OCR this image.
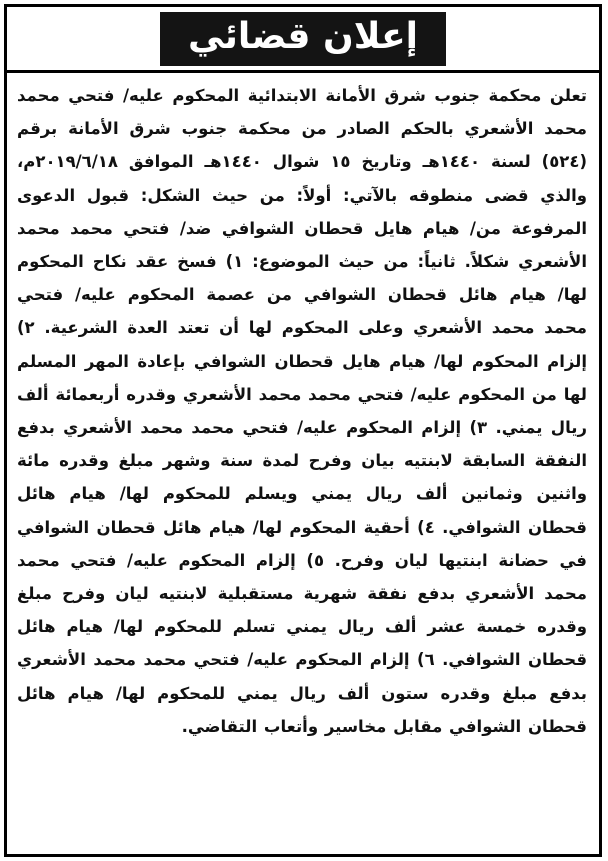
إعلان قضائي
تعلن محكمة جنوب شرق الأمانة الابتدائية المحكوم عليه/ فتحي محمد محمد الأشعري بالحكم الصادر من محكمة جنوب شرق الأمانة برقم (٥٢٤) لسنة ١٤٤٠هـ وتاريخ ١٥ شوال ١٤٤٠هـ الموافق ٢٠١٩/٦/١٨م، والذي قضى منطوقه بالآتي: أولاً: من حيث الشكل: قبول الدعوى المرفوعة من/ هيام هايل قحطان الشوافي ضد/ فتحي محمد محمد الأشعري شكلاً. ثانياً: من حيث الموضوع: ١) فسخ عقد نكاح المحكوم لها/ هيام هائل قحطان الشوافي من عصمة المحكوم عليه/ فتحي محمد محمد الأشعري وعلى المحكوم لها أن تعتد العدة الشرعية. ٢) إلزام المحكوم لها/ هيام هايل قحطان الشوافي بإعادة المهر المسلم لها من المحكوم عليه/ فتحي محمد محمد الأشعري وقدره أربعمائة ألف ريال يمني. ٣) إلزام المحكوم عليه/ فتحي محمد محمد الأشعري بدفع النفقة السابقة لابنتيه بيان وفرح لمدة سنة وشهر مبلغ وقدره مائة واثنين وثمانين ألف ريال يمني ويسلم للمحكوم لها/ هيام هائل قحطان الشوافي. ٤) أحقية المحكوم لها/ هيام هائل قحطان الشوافي في حضانة ابنتيها ليان وفرح. ٥) إلزام المحكوم عليه/ فتحي محمد محمد الأشعري بدفع نفقة شهرية مستقبلية لابنتيه ليان وفرح مبلغ وقدره خمسة عشر ألف ريال يمني تسلم للمحكوم لها/ هيام هائل قحطان الشوافي. ٦) إلزام المحكوم عليه/ فتحي محمد محمد الأشعري بدفع مبلغ وقدره ستون ألف ريال يمني للمحكوم لها/ هيام هائل قحطان الشوافي مقابل مخاسير وأتعاب التقاضي.
